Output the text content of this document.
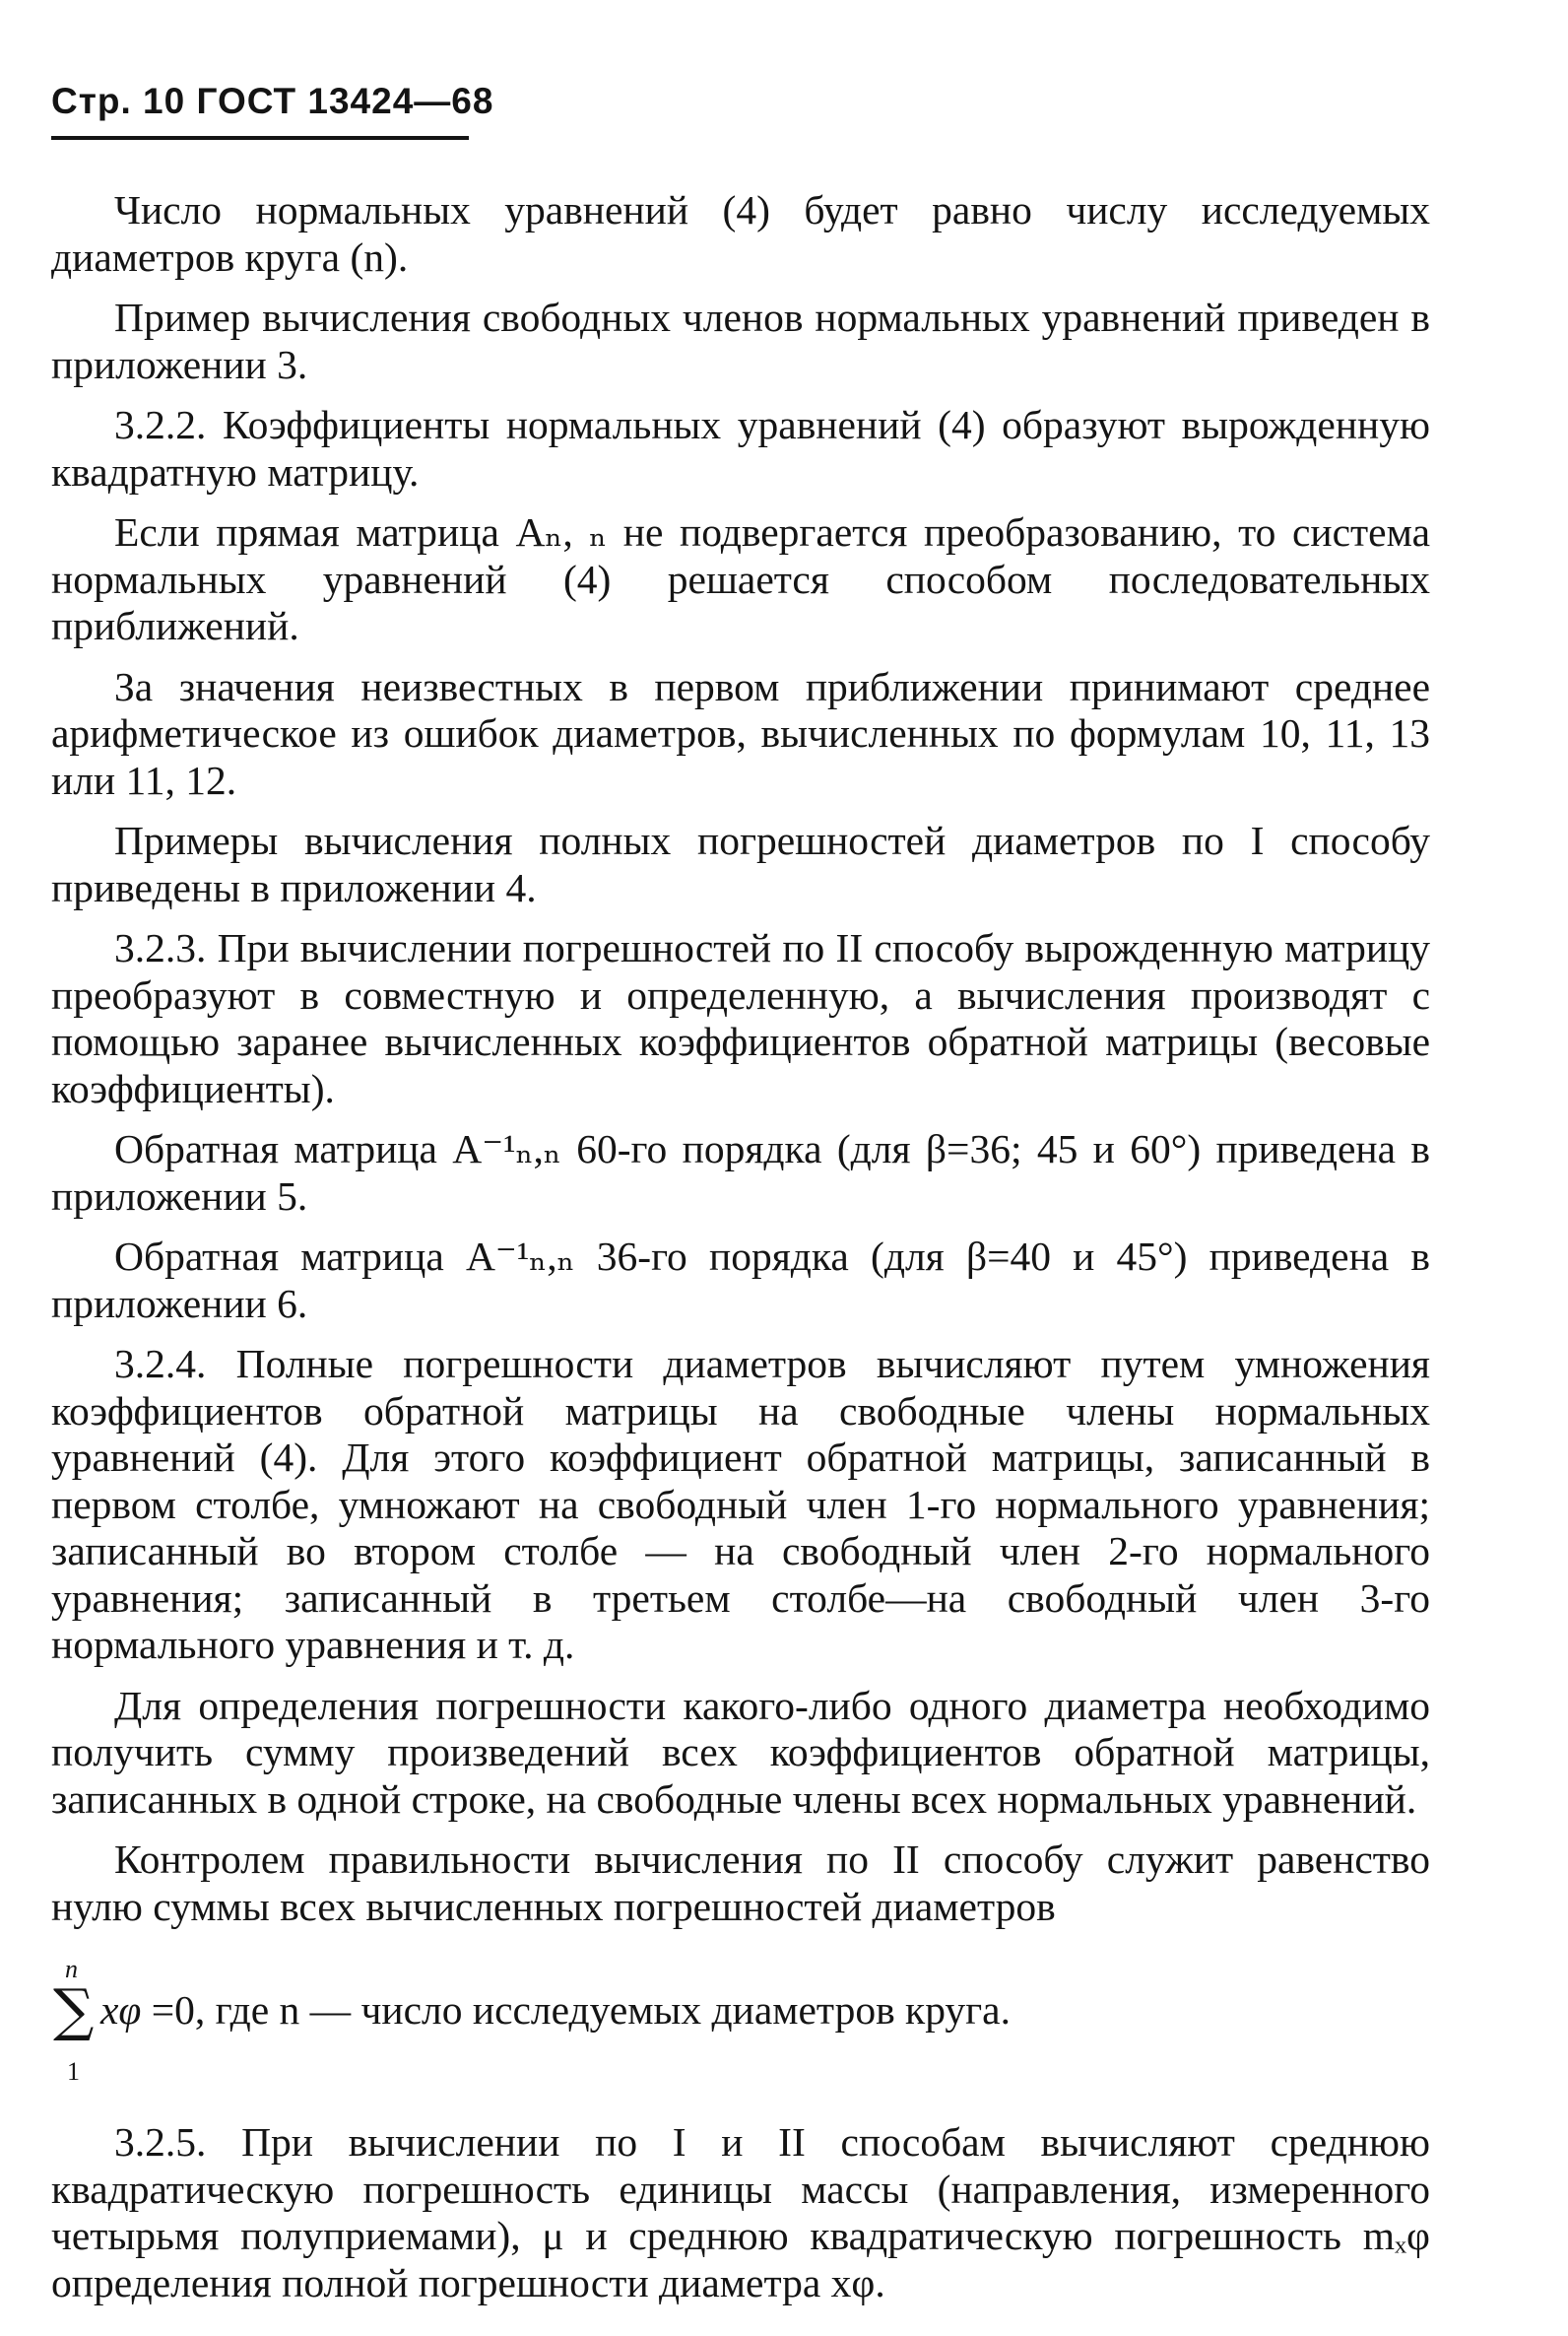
Стр. 10 ГОСТ 13424—68

Число нормальных уравнений (4) будет равно числу исследуемых диаметров круга (n).

Пример вычисления свободных членов нормальных уравнений приведен в приложении 3.

3.2.2. Коэффициенты нормальных уравнений (4) образуют вырожденную квадратную матрицу.

Если прямая матрица Aₙ, ₙ не подвергается преобразованию, то система нормальных уравнений (4) решается способом последовательных приближений.

За значения неизвестных в первом приближении принимают среднее арифметическое из ошибок диаметров, вычисленных по формулам 10, 11, 13 или 11, 12.

Примеры вычисления полных погрешностей диаметров по I способу приведены в приложении 4.

3.2.3. При вычислении погрешностей по II способу вырожденную матрицу преобразуют в совместную и определенную, а вычисления производят с помощью заранее вычисленных коэффициентов обратной матрицы (весовые коэффициенты).

Обратная матрица A⁻¹ₙ,ₙ 60-го порядка (для β=36; 45 и 60°) приведена в приложении 5.

Обратная матрица A⁻¹ₙ,ₙ 36-го порядка (для β=40 и 45°) приведена в приложении 6.

3.2.4. Полные погрешности диаметров вычисляют путем умножения коэффициентов обратной матрицы на свободные члены нормальных уравнений (4). Для этого коэффициент обратной матрицы, записанный в первом столбе, умножают на свободный член 1-го нормального уравнения; записанный во втором столбе — на свободный член 2-го нормального уравнения; записанный в третьем столбе—на свободный член 3-го нормального уравнения и т. д.

Для определения погрешности какого-либо одного диаметра необходимо получить сумму произведений всех коэффициентов обратной матрицы, записанных в одной строке, на свободные члены всех нормальных уравнений.

Контролем правильности вычисления по II способу служит равенство нулю суммы всех вычисленных погрешностей диаметров

n
∑
1
xφ =0, где n — число исследуемых диаметров круга.

3.2.5. При вычислении по I и II способам вычисляют среднюю квадратическую погрешность единицы массы (направления, измеренного четырьмя полуприемами), μ и среднюю квадратическую погрешность mₓφ определения полной погрешности диаметра xφ.
